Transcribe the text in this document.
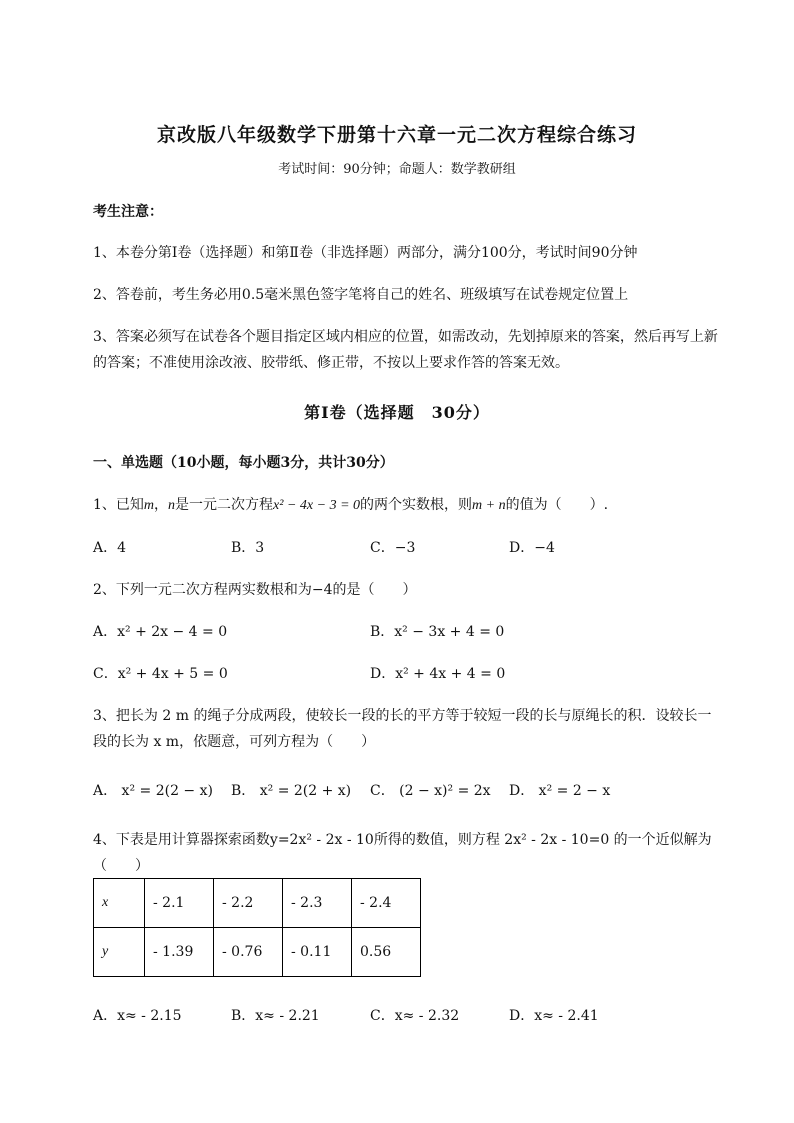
京改版八年级数学下册第十六章一元二次方程综合练习
考试时间：90分钟；命题人：数学教研组
考生注意：
1、本卷分第I卷（选择题）和第Ⅱ卷（非选择题）两部分，满分100分，考试时间90分钟
2、答卷前，考生务必用0.5毫米黑色签字笔将自己的姓名、班级填写在试卷规定位置上
3、答案必须写在试卷各个题目指定区域内相应的位置，如需改动，先划掉原来的答案，然后再写上新
的答案；不准使用涂改液、胶带纸、修正带，不按以上要求作答的答案无效。
第I卷（选择题　30分）
一、单选题（10小题，每小题3分，共计30分）
1、已知m，n是一元二次方程x² − 4x − 3 = 0的两个实数根，则m + n的值为（　　）.
A．4	B．3	C．−3	D．−4
2、下列一元二次方程两实数根和为−4的是（　　）
A．x² + 2x − 4 = 0	B．x² − 3x + 4 = 0
C．x² + 4x + 5 = 0	D．x² + 4x + 4 = 0
3、把长为 2 m 的绳子分成两段，使较长一段的长的平方等于较短一段的长与原绳长的积．设较长一
段的长为 x m，依题意，可列方程为（　　）
A． x² = 2(2 − x) B． x² = 2(2 + x) C． (2 − x)² = 2x D． x² = 2 − x
4、下表是用计算器探索函数y=2x² - 2x - 10所得的数值，则方程 2x² - 2x - 10=0 的一个近似解为
（　　）
x	- 2.1	- 2.2	- 2.3	- 2.4
y	- 1.39	- 0.76	- 0.11	0.56
A．x≈ - 2.15	B．x≈ - 2.21	C．x≈ - 2.32	D．x≈ - 2.41
